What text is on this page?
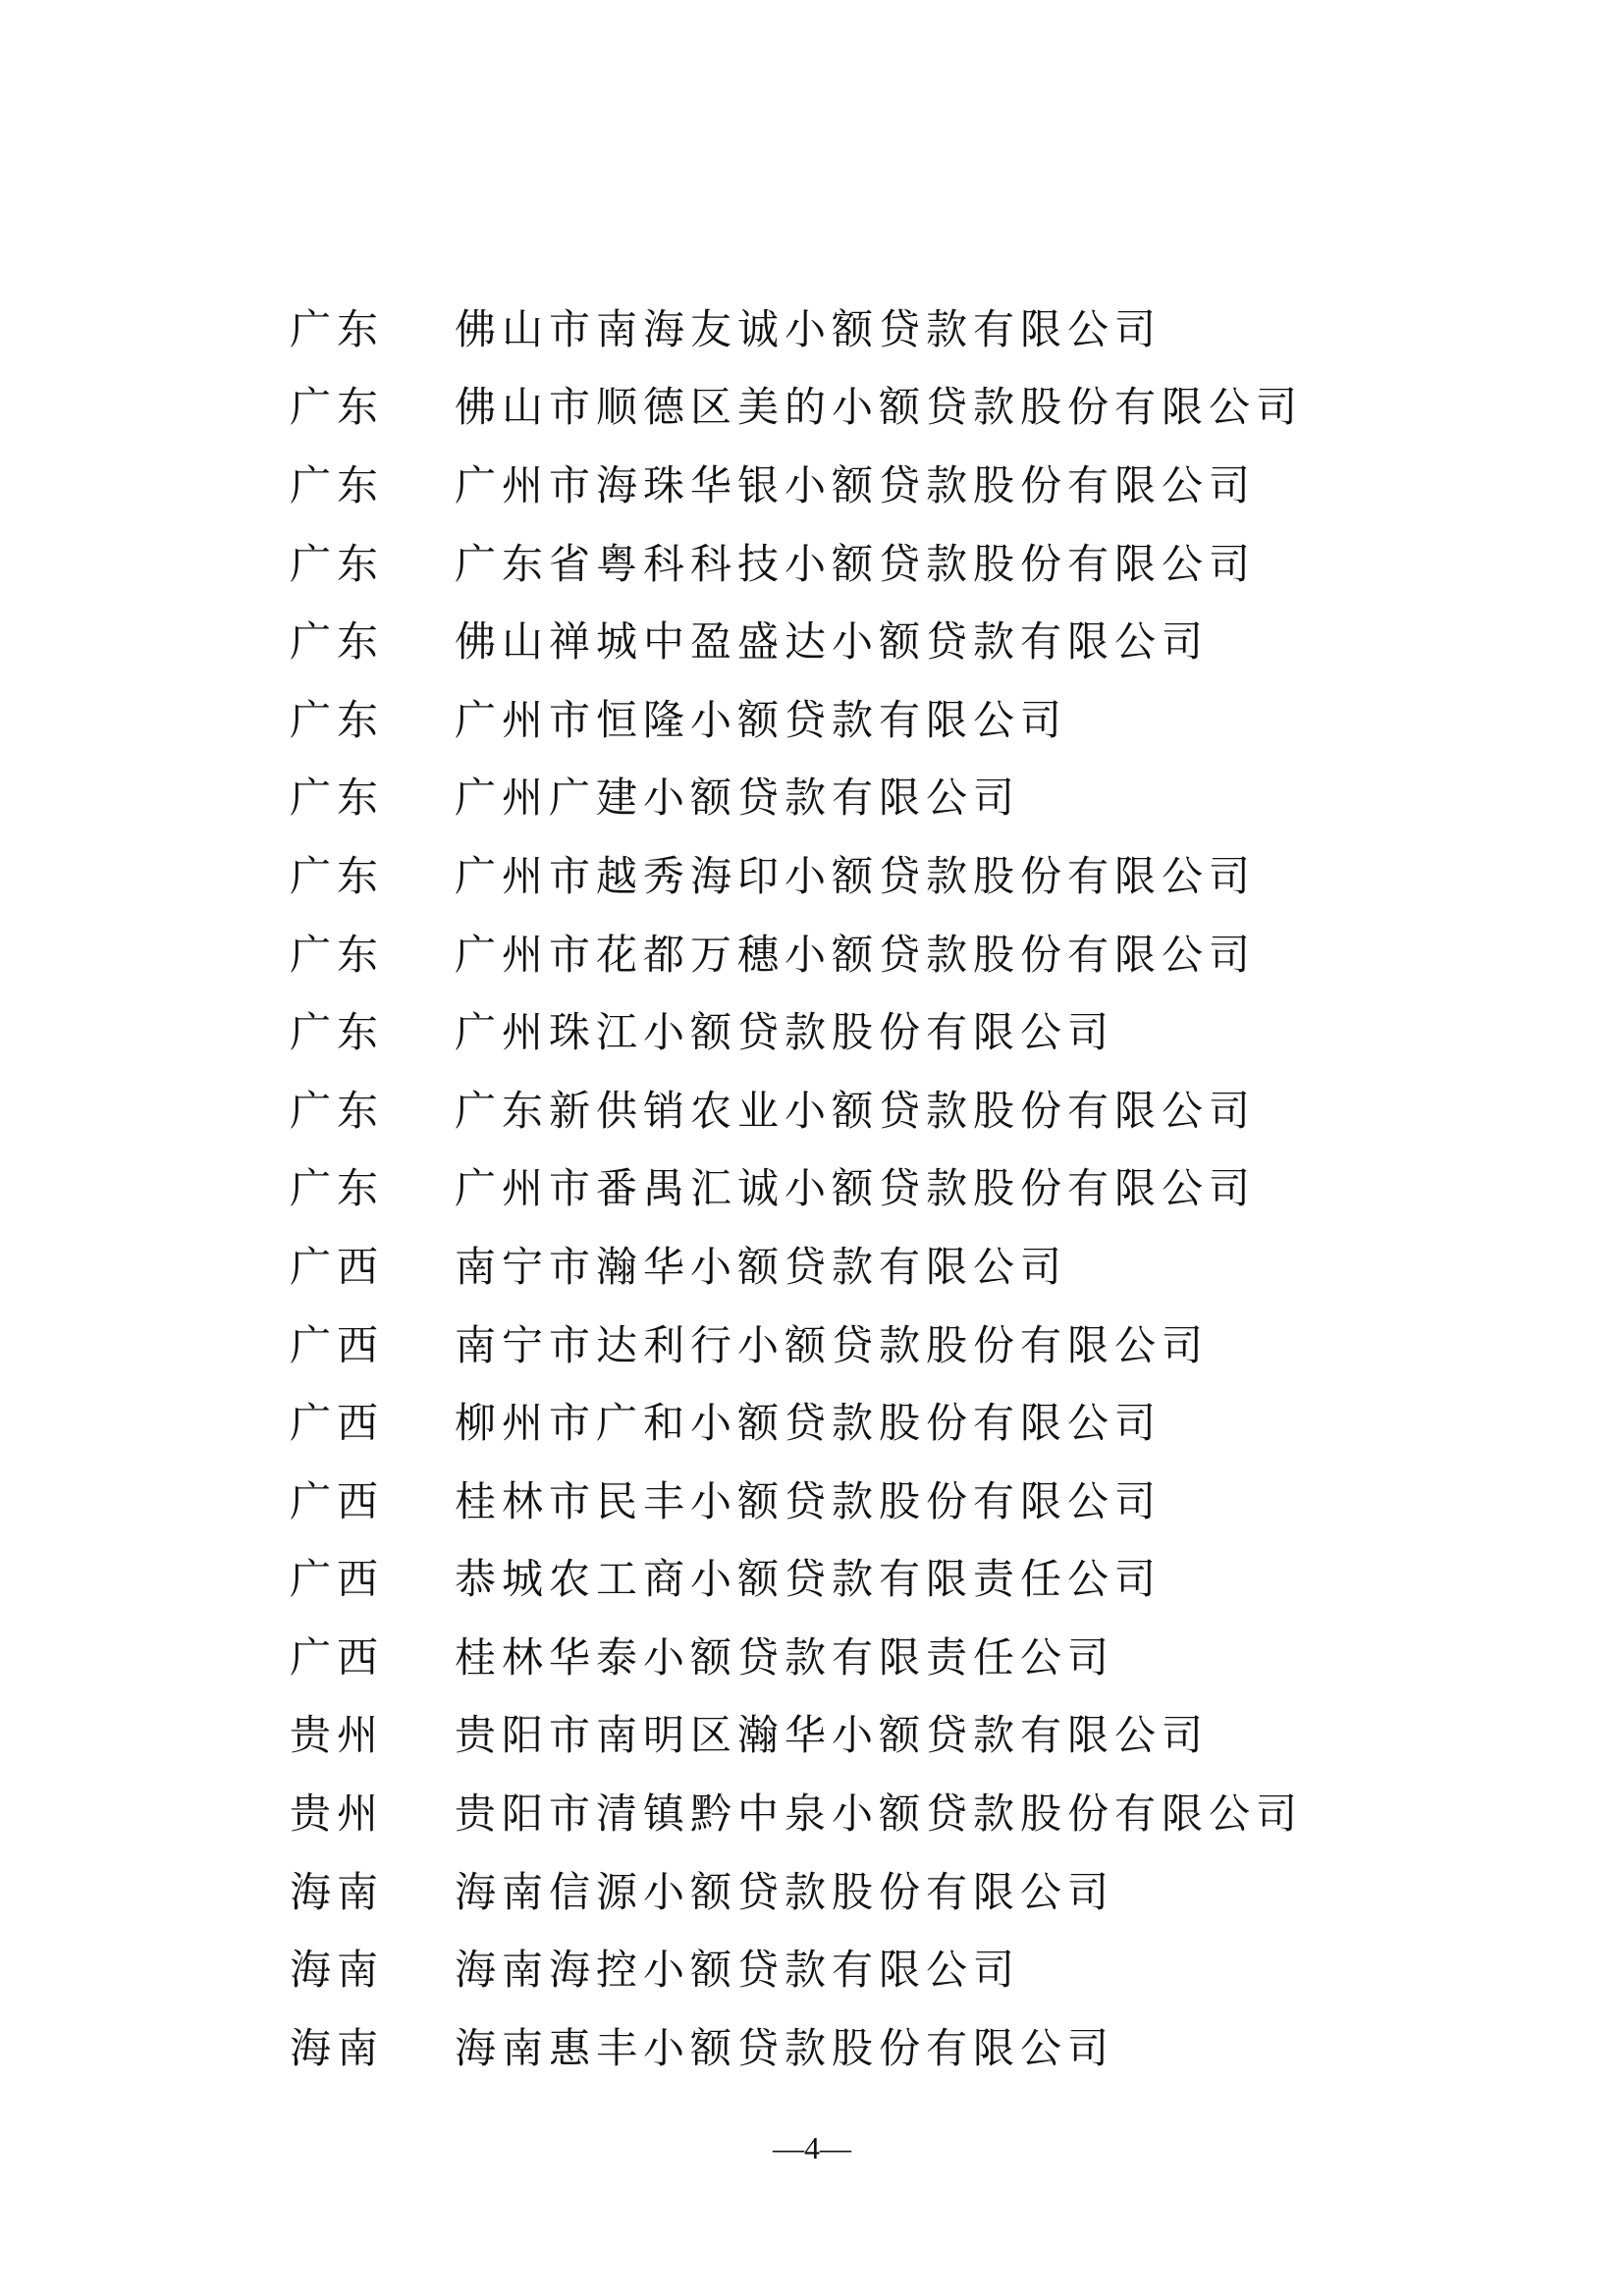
广东	佛山市南海友诚小额贷款有限公司
广东	佛山市顺德区美的小额贷款股份有限公司
广东	广州市海珠华银小额贷款股份有限公司
广东	广东省粤科科技小额贷款股份有限公司
广东	佛山禅城中盈盛达小额贷款有限公司
广东	广州市恒隆小额贷款有限公司
广东	广州广建小额贷款有限公司
广东	广州市越秀海印小额贷款股份有限公司
广东	广州市花都万穗小额贷款股份有限公司
广东	广州珠江小额贷款股份有限公司
广东	广东新供销农业小额贷款股份有限公司
广东	广州市番禺汇诚小额贷款股份有限公司
广西	南宁市瀚华小额贷款有限公司
广西	南宁市达利行小额贷款股份有限公司
广西	柳州市广和小额贷款股份有限公司
广西	桂林市民丰小额贷款股份有限公司
广西	恭城农工商小额贷款有限责任公司
广西	桂林华泰小额贷款有限责任公司
贵州	贵阳市南明区瀚华小额贷款有限公司
贵州	贵阳市清镇黔中泉小额贷款股份有限公司
海南	海南信源小额贷款股份有限公司
海南	海南海控小额贷款有限公司
海南	海南惠丰小额贷款股份有限公司
—4—
